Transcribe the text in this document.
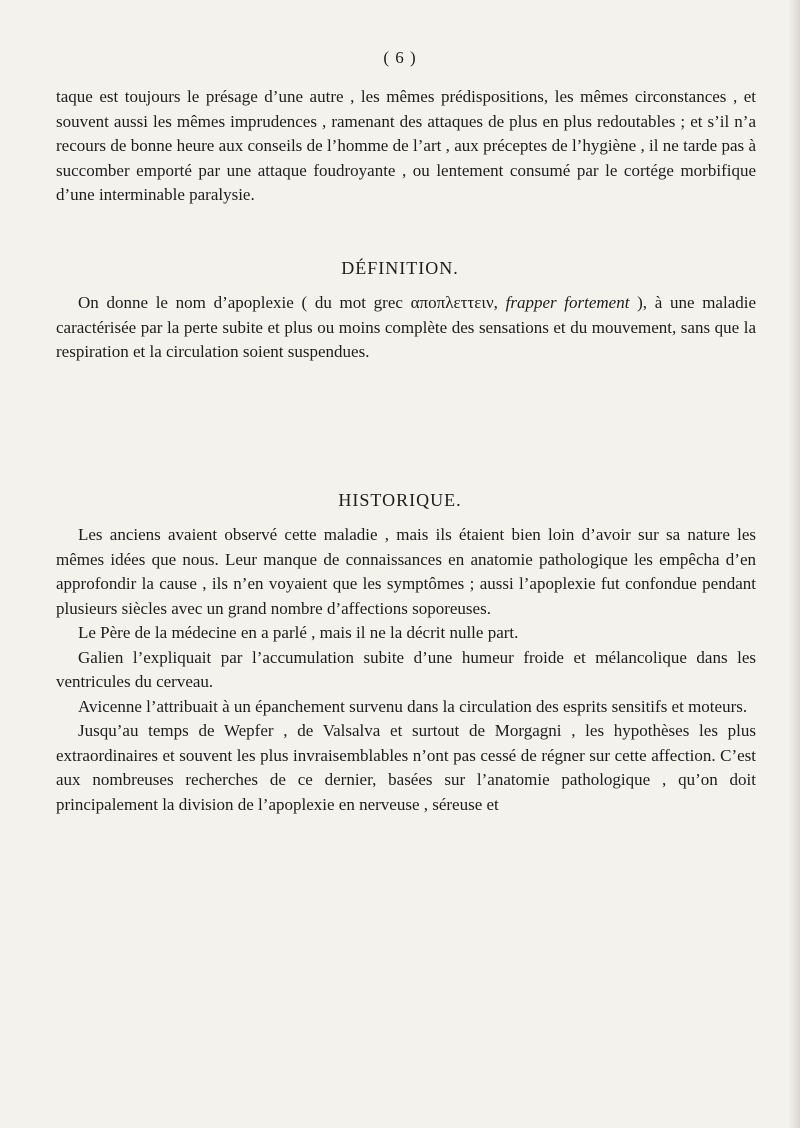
( 6 )

taque est toujours le présage d’une autre , les mêmes prédispositions, les mêmes circonstances , et souvent aussi les mêmes imprudences , ramenant des attaques de plus en plus redoutables ; et s’il n’a recours de bonne heure aux conseils de l’homme de l’art , aux préceptes de l’hygiène , il ne tarde pas à succomber emporté par une attaque foudroyante , ou lentement consumé par le cortége morbifique d’une interminable paralysie.

DÉFINITION.

On donne le nom d’apoplexie ( du mot grec αποπλεττειν, frapper fortement ), à une maladie caractérisée par la perte subite et plus ou moins complète des sensations et du mouvement, sans que la respiration et la circulation soient suspendues.

HISTORIQUE.

Les anciens avaient observé cette maladie , mais ils étaient bien loin d’avoir sur sa nature les mêmes idées que nous. Leur manque de connaissances en anatomie pathologique les empêcha d’en approfondir la cause , ils n’en voyaient que les symptômes ; aussi l’apoplexie fut confondue pendant plusieurs siècles avec un grand nombre d’affections soporeuses.

Le Père de la médecine en a parlé , mais il ne la décrit nulle part.

Galien l’expliquait par l’accumulation subite d’une humeur froide et mélancolique dans les ventricules du cerveau.

Avicenne l’attribuait à un épanchement survenu dans la circulation des esprits sensitifs et moteurs.

Jusqu’au temps de Wepfer , de Valsalva et surtout de Morgagni , les hypothèses les plus extraordinaires et souvent les plus invraisemblables n’ont pas cessé de régner sur cette affection. C’est aux nombreuses recherches de ce dernier, basées sur l’anatomie pathologique , qu’on doit principalement la division de l’apoplexie en nerveuse , séreuse et
